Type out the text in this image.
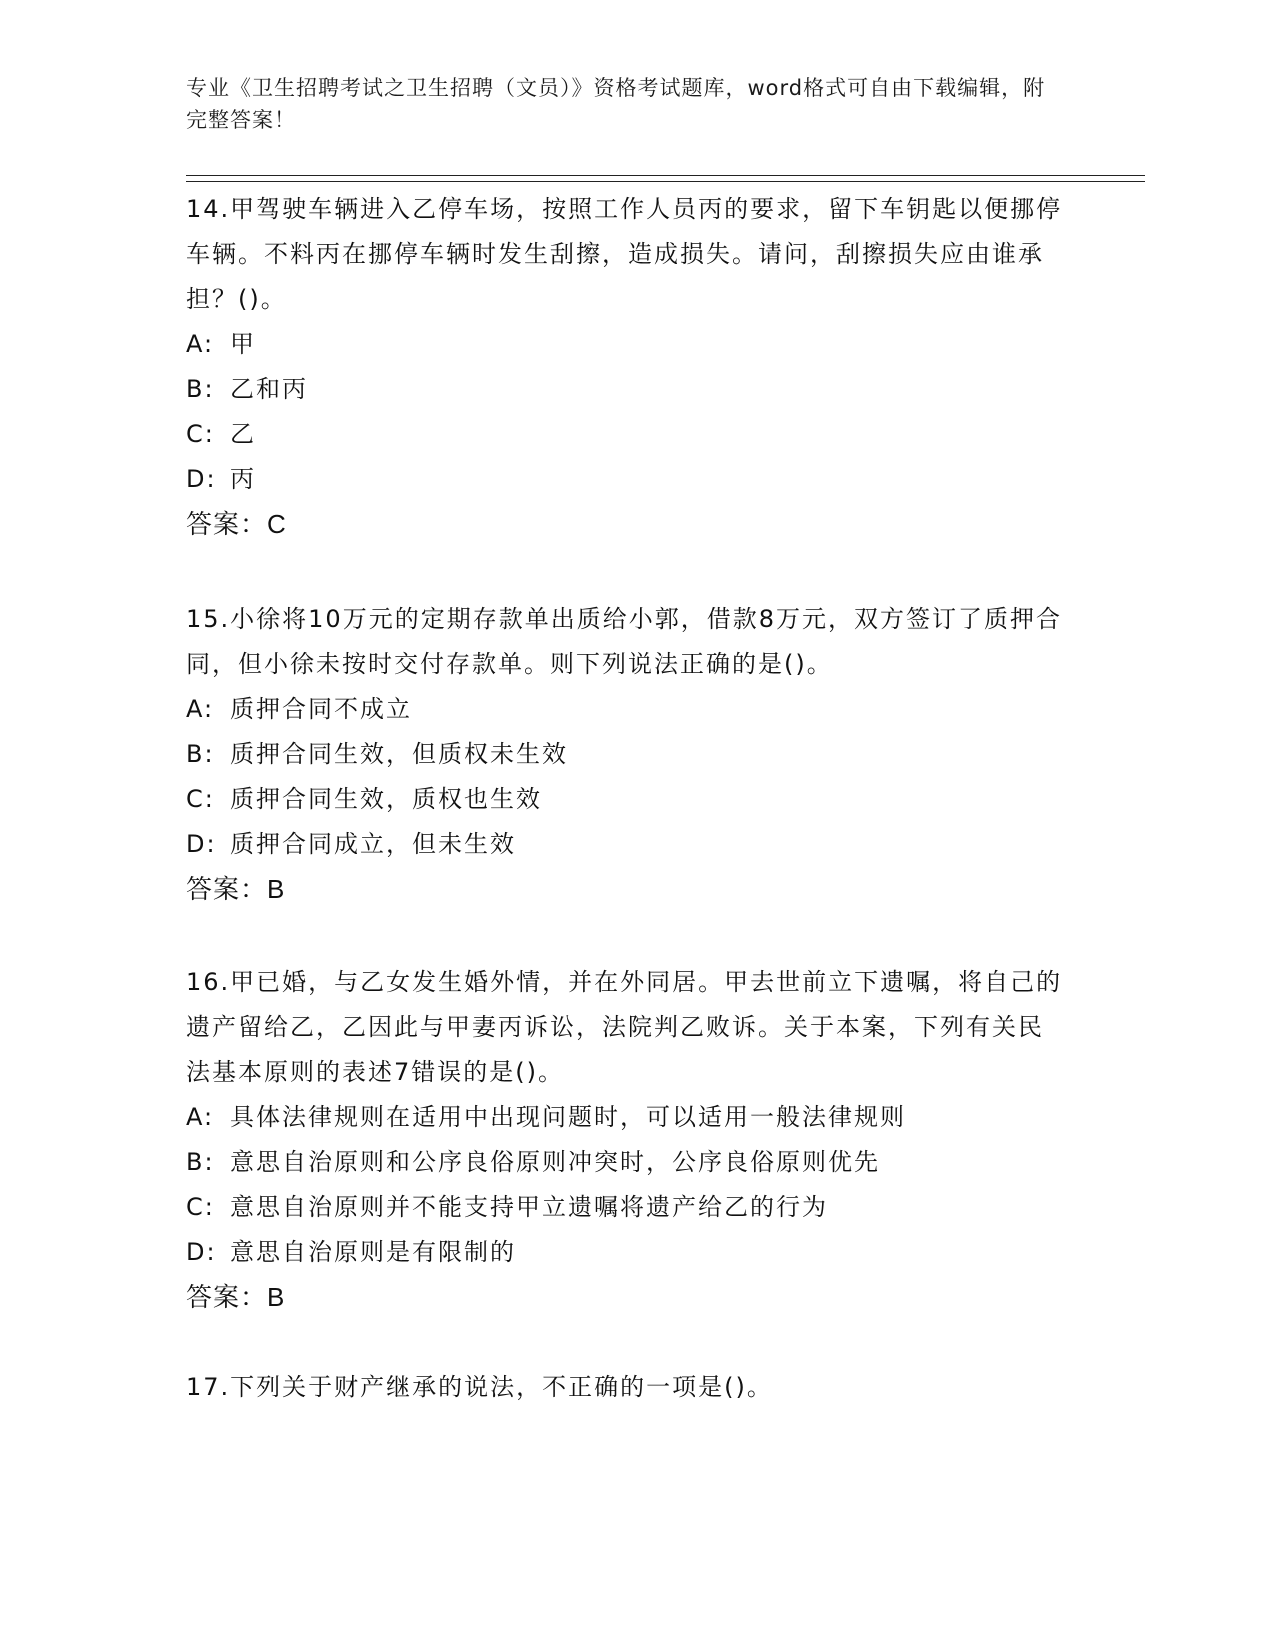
专业《卫生招聘考试之卫生招聘（文员）》资格考试题库，word格式可自由下载编辑，附完整答案！

14.甲驾驶车辆进入乙停车场，按照工作人员丙的要求，留下车钥匙以便挪停车辆。不料丙在挪停车辆时发生刮擦，造成损失。请问，刮擦损失应由谁承担？()。

A: 甲
B: 乙和丙
C: 乙
D: 丙
答案：C

15.小徐将10万元的定期存款单出质给小郭，借款8万元，双方签订了质押合同，但小徐未按时交付存款单。则下列说法正确的是()。

A: 质押合同不成立
B: 质押合同生效，但质权未生效
C: 质押合同生效，质权也生效
D: 质押合同成立，但未生效
答案：B

16.甲已婚，与乙女发生婚外情，并在外同居。甲去世前立下遗嘱，将自己的遗产留给乙，乙因此与甲妻丙诉讼，法院判乙败诉。关于本案，下列有关民法基本原则的表述7错误的是()。

A: 具体法律规则在适用中出现问题时，可以适用一般法律规则
B: 意思自治原则和公序良俗原则冲突时，公序良俗原则优先
C: 意思自治原则并不能支持甲立遗嘱将遗产给乙的行为
D: 意思自治原则是有限制的
答案：B

17.下列关于财产继承的说法，不正确的一项是()。
